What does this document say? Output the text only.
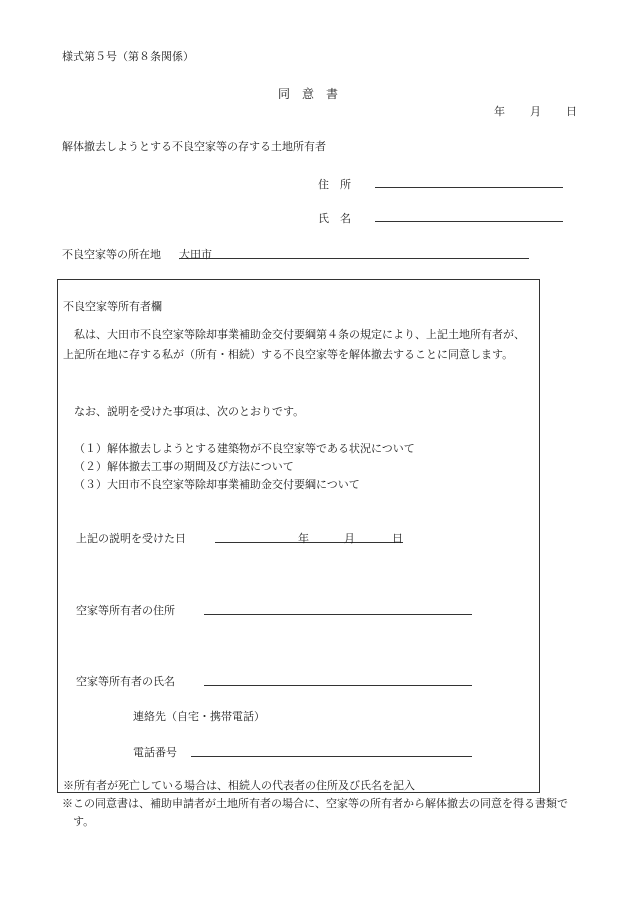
様式第５号（第８条関係）
同　意　書
年 月 日
解体撤去しようとする不良空家等の存する土地所有者
住　所
氏　名
不良空家等の所在地 大田市
不良空家等所有者欄
私は、大田市不良空家等除却事業補助金交付要綱第４条の規定により、上記土地所有者が、上記所在地に存する私が（所有・相続）する不良空家等を解体撤去することに同意します。
なお、説明を受けた事項は、次のとおりです。
（１）解体撤去しようとする建築物が不良空家等である状況について
（２）解体撤去工事の期間及び方法について
（３）大田市不良空家等除却事業補助金交付要綱について
上記の説明を受けた日	年	月	日
空家等所有者の住所
空家等所有者の氏名
連絡先（自宅・携帯電話）
電話番号
※所有者が死亡している場合は、相続人の代表者の住所及び氏名を記入
※この同意書は、補助申請者が土地所有者の場合に、空家等の所有者から解体撤去の同意を得る書類です。
